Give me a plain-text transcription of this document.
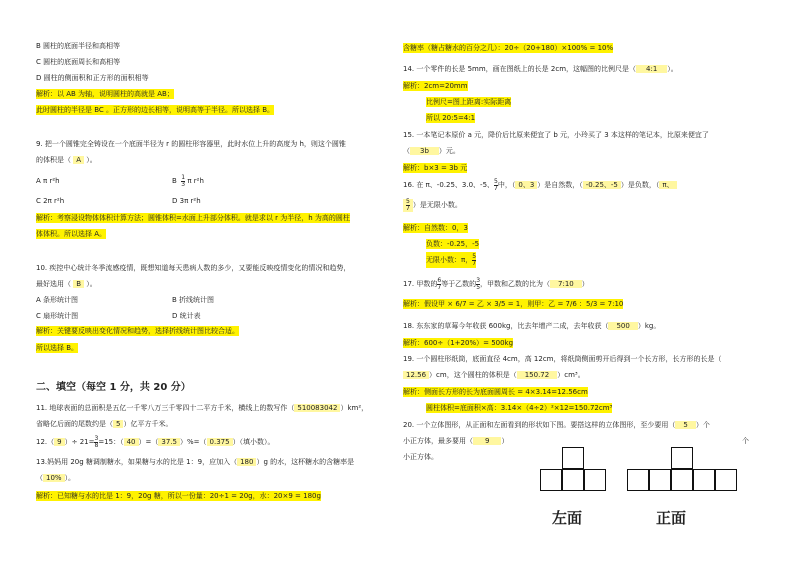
B 圆柱的底面半径和高相等
C 圆柱的底面周长和高相等
D 圆柱的侧面积和正方形的面积相等
解析：以 AB 为轴，说明圆柱的高就是 AB；
此时圆柱的半径是 BC 。正方形的边长相等，说明高等于半径。所以选择 B。
9. 把一个圆锥完全铸设在一个底面半径为 r 的圆柱形容器里，此时水位上升的高度为 h，则这个圆锥
的体积是（ A ）。
A π r²h	B $\frac{1}{3}$ π r²h
C 2π r²h	D 3π r²h
解析：考察浸设物体体积计算方法；圆锥体积=水面上升部分体积。就是求以 r 为半径，h 为高的圆柱
体体积。所以选择 A。
10. 疾控中心统计冬季流感疫情，既想知道每天患病人数的多少，又要能反映疫情变化的情况和趋势，
最好选用（ B ）。
A 条形统计图	B 折线统计图
C 扇形统计图	D 统计表
解析：关键要反映出变化情况和趋势，选择折线统计图比较合适。
所以选择 B。
二、填空（每空 1 分，共 20 分）
11. 地球表面的总面积是五亿一千零八万三千零四十二平方千米，横线上的数写作（ 510083042 ）km²，
省略亿后面的尾数约是（ 5 ）亿平方千米。
12.（ 9 ）÷ $21= \frac{3}{8} =15$：（ 40 ）=（ 37.5 ）%=（ 0.375 ）（填小数）。
13.妈妈用 20g 糖调制糖水，如果糖与水的比是 1：9，应加入（ 180 ）g 的水，这杯糖水的含糖率是
（ 10% ）。
解析：已知糖与水的比是 1：9，20g 糖，所以一份量：20÷1 = 20g，水：20×9 = 180g
含糖率（糖占糖水的百分之几）：20÷（20+180）×100% = 10%
14. 一个零件的长是 5mm，画在图纸上的长是 2cm，这幅图的比例尺是（ 4:1 ）。
解析：2cm=20mm
比例尺=图上距离:实际距离
所以 20:5=4:1
15. 一本笔记本原价 a 元，降价后比原来便宜了 b 元，小玲买了 3 本这样的笔记本，比原来便宜了
（ 3b ）元。
解析：b×3 = 3b 元
16. 在 π、-0.25、3.0、-5、 $\frac{5}{7}$ 中，（ 0、3 ）是自然数，（ -0.25、-5 ）是负数，（ π、
$\frac{5}{7}$ ）是无限小数。
解析：自然数：0，3
负数：-0.25，-5
无限小数：π， $\frac{5}{7}$
17. 甲数的 $\frac{6}{7}$ 等于乙数的 $\frac{3}{5}$ ，甲数和乙数的比为（ 7:10 ）
解析：假设甲 × 6/7 = 乙 × 3/5 = 1，则甲：乙 = 7/6 ：5/3 = 7:10
18. 东东家的草莓今年收获 600kg，比去年增产二成，去年收获（ 500 ）kg。
解析：600÷（1+20%）= 500kg
19. 一个圆柱形纸筒，底面直径 4cm，高 12cm，将纸筒侧面剪开后得到一个长方形，长方形的长是（
12.56 ）cm，这个圆柱的体积是（ 150.72 ）cm³。
解析：侧面长方形的长为底面圆周长 = 4×3.14=12.56cm
圆柱体积=底面积×高：3.14×（4÷2）²×12=150.72cm³
20. 一个立体图形，从正面和左面看到的形状如下图。要搭这样的立体图形，至少要用（ 5 ）个
小正方体，最多要用（ 9 ）	个
小正方体。
左面	正面
